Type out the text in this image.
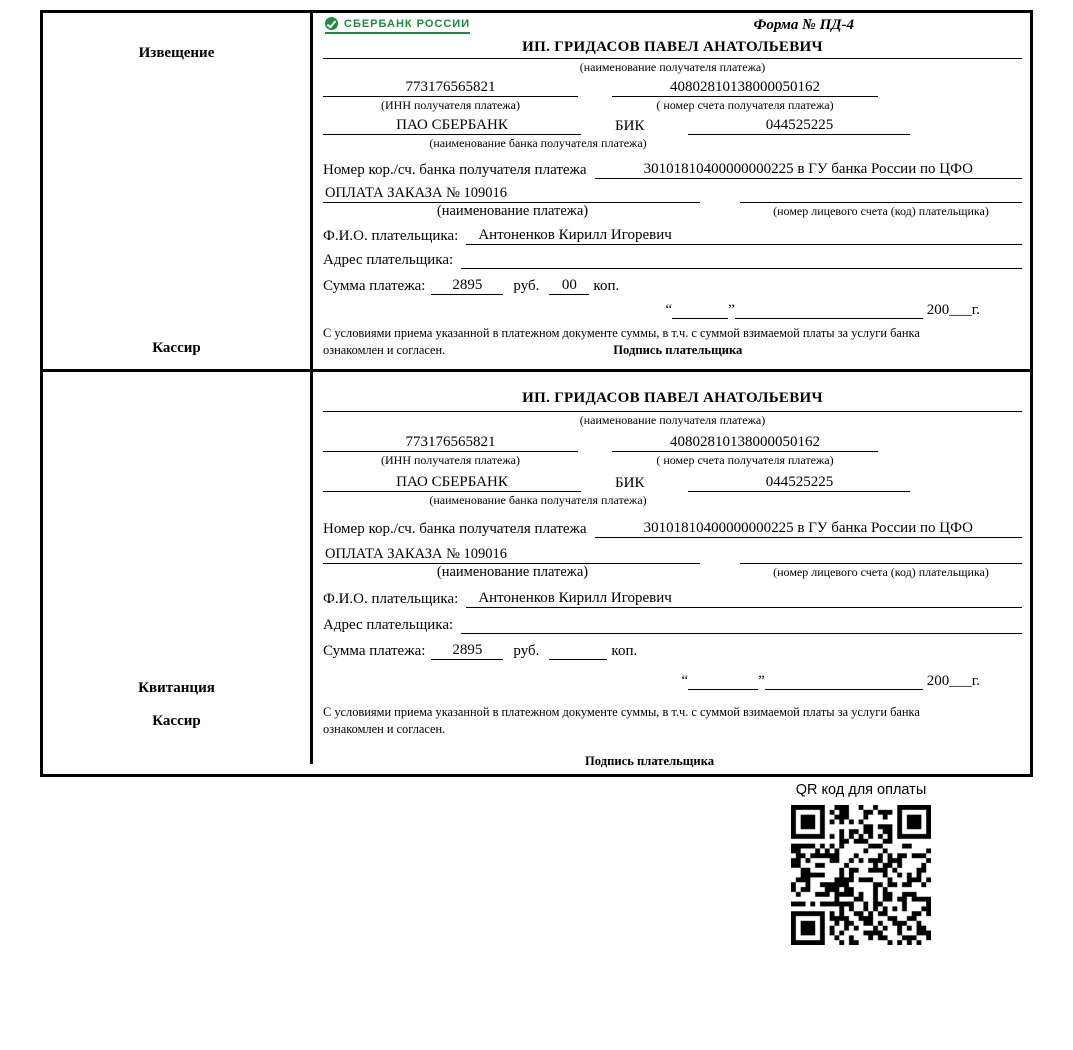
Извещение
Кассир
СБЕРБАНК РОССИИ	Форма № ПД-4
ИП. ГРИДАСОВ ПАВЕЛ АНАТОЛЬЕВИЧ
(наименование получателя платежа)
773176565821	40802810138000050162
(ИНН получателя платежа)	( номер счета получателя платежа)
ПАО СБЕРБАНК	БИК	044525225
(наименование банка получателя платежа)
Номер кор./сч. банка получателя платежа	30101810400000000225 в ГУ банка России по ЦФО
ОПЛАТА ЗАКАЗА № 109016
(наименование платежа)	(номер лицевого счета (код) плательщика)
Ф.И.О. плательщика:	Антоненков Кирилл Игоревич
Адрес плательщика:
Сумма платежа:	2895	руб.	00	коп.
“	”	200___г.
С условиями приема указанной в платежном документе суммы, в т.ч. с суммой взимаемой платы за услуги банка
ознакомлен и согласен.	Подпись плательщика
Квитанция
Кассир
ИП. ГРИДАСОВ ПАВЕЛ АНАТОЛЬЕВИЧ
(наименование получателя платежа)
773176565821	40802810138000050162
(ИНН получателя платежа)	( номер счета получателя платежа)
ПАО СБЕРБАНК	БИК	044525225
(наименование банка получателя платежа)
Номер кор./сч. банка получателя платежа	30101810400000000225 в ГУ банка России по ЦФО
ОПЛАТА ЗАКАЗА № 109016
(наименование платежа)	(номер лицевого счета (код) плательщика)
Ф.И.О. плательщика:	Антоненков Кирилл Игоревич
Адрес плательщика:
Сумма платежа:	2895	руб.	коп.
“	”	200___г.
С условиями приема указанной в платежном документе суммы, в т.ч. с суммой взимаемой платы за услуги банка
ознакомлен и согласен.
Подпись плательщика
QR код для оплаты
